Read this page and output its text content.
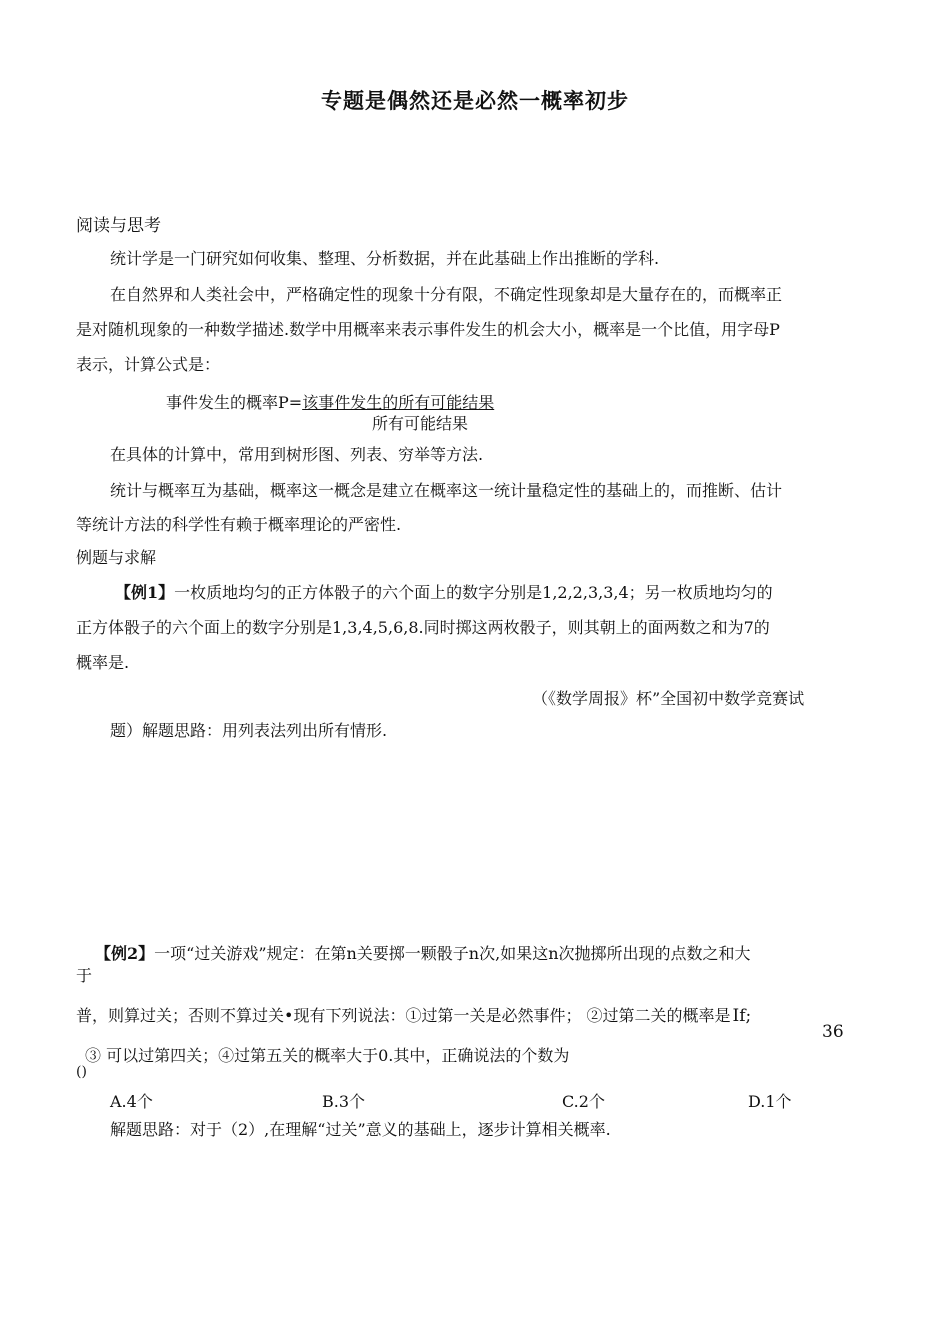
专题是偶然还是必然一概率初步
阅读与思考
统计学是一门研究如何收集、整理、分析数据，并在此基础上作出推断的学科.
在自然界和人类社会中，严格确定性的现象十分有限，不确定性现象却是大量存在的，而概率正
是对随机现象的一种数学描述.数学中用概率来表示事件发生的机会大小，概率是一个比值，用字母P
表示，计算公式是：
事件发生的概率P=该事件发生的所有可能结果
所有可能结果
在具体的计算中，常用到树形图、列表、穷举等方法.
统计与概率互为基础，概率这一概念是建立在概率这一统计量稳定性的基础上的，而推断、估计
等统计方法的科学性有赖于概率理论的严密性.
例题与求解
【例1】一枚质地均匀的正方体骰子的六个面上的数字分别是1,2,2,3,3,4；另一枚质地均匀的
正方体骰子的六个面上的数字分别是1,3,4,5,6,8.同时掷这两枚骰子，则其朝上的面两数之和为7的
概率是.
（《数学周报》杯”全国初中数学竞赛试
题）解题思路：用列表法列出所有情形.
【例2】一项“过关游戏”规定：在第n关要掷一颗骰子n次,如果这n次抛掷所出现的点数之和大
于
普，则算过关；否则不算过关•现有下列说法：①过第一关是必然事件； ②过第二关的概率是 If;
36
③ 可以过第四关；④过第五关的概率大于0.其中，正确说法的个数为
()
A.4个	B.3个	C.2个	D.1个
解题思路：对于（2）,在理解“过关”意义的基础上，逐步计算相关概率.
